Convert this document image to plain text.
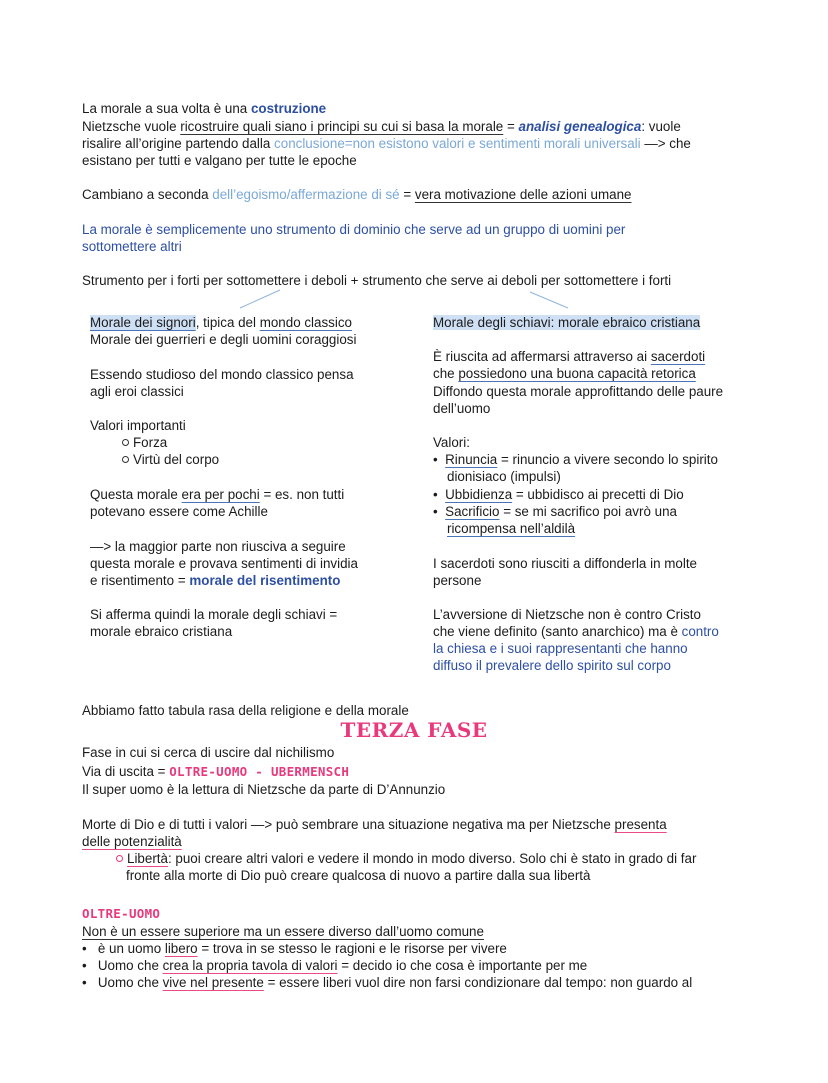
La morale a sua volta è una costruzione
Nietzsche vuole ricostruire quali siano i principi su cui si basa la morale = analisi genealogica: vuole
risalire all’origine partendo dalla conclusione=non esistono valori e sentimenti morali universali —> che
esistano per tutti e valgano per tutte le epoche
Cambiano a seconda dell’egoismo/affermazione di sé = vera motivazione delle azioni umane
La morale è semplicemente uno strumento di dominio che serve ad un gruppo di uomini per
sottomettere altri
Strumento per i forti per sottomettere i deboli + strumento che serve ai deboli per sottomettere i forti
Morale dei signori, tipica del mondo classico
Morale dei guerrieri e degli uomini coraggiosi
Essendo studioso del mondo classico pensa
agli eroi classici
Valori importanti
Forza
Virtù del corpo
Questa morale era per pochi = es. non tutti
potevano essere come Achille
—> la maggior parte non riusciva a seguire
questa morale e provava sentimenti di invidia
e risentimento = morale del risentimento
Si afferma quindi la morale degli schiavi =
morale ebraico cristiana
Morale degli schiavi: morale ebraico cristiana
È riuscita ad affermarsi attraverso ai sacerdoti
che possiedono una buona capacità retorica
Diffondo questa morale approfittando delle paure
dell’uomo
Valori:
•  Rinuncia = rinuncio a vivere secondo lo spirito
dionisiaco (impulsi)
•  Ubbidienza = ubbidisco ai precetti di Dio
•  Sacrificio = se mi sacrifico poi avrò una
ricompensa nell’aldilà
I sacerdoti sono riusciti a diffonderla in molte
persone
L’avversione di Nietzsche non è contro Cristo
che viene definito (santo anarchico) ma è contro
la chiesa e i suoi rappresentanti che hanno
diffuso il prevalere dello spirito sul corpo
Abbiamo fatto tabula rasa della religione e della morale
TERZA FASE
Fase in cui si cerca di uscire dal nichilismo
Via di uscita = OLTRE-UOMO - UBERMENSCH
Il super uomo è la lettura di Nietzsche da parte di D’Annunzio
Morte di Dio e di tutti i valori —> può sembrare una situazione negativa ma per Nietzsche presenta
delle potenzialità
Libertà: puoi creare altri valori e vedere il mondo in modo diverso. Solo chi è stato in grado di far
fronte alla morte di Dio può creare qualcosa di nuovo a partire dalla sua libertà
OLTRE-UOMO
Non è un essere superiore ma un essere diverso dall’uomo comune
•   è un uomo libero = trova in se stesso le ragioni e le risorse per vivere
•   Uomo che crea la propria tavola di valori = decido io che cosa è importante per me
•   Uomo che vive nel presente = essere liberi vuol dire non farsi condizionare dal tempo: non guardo al
